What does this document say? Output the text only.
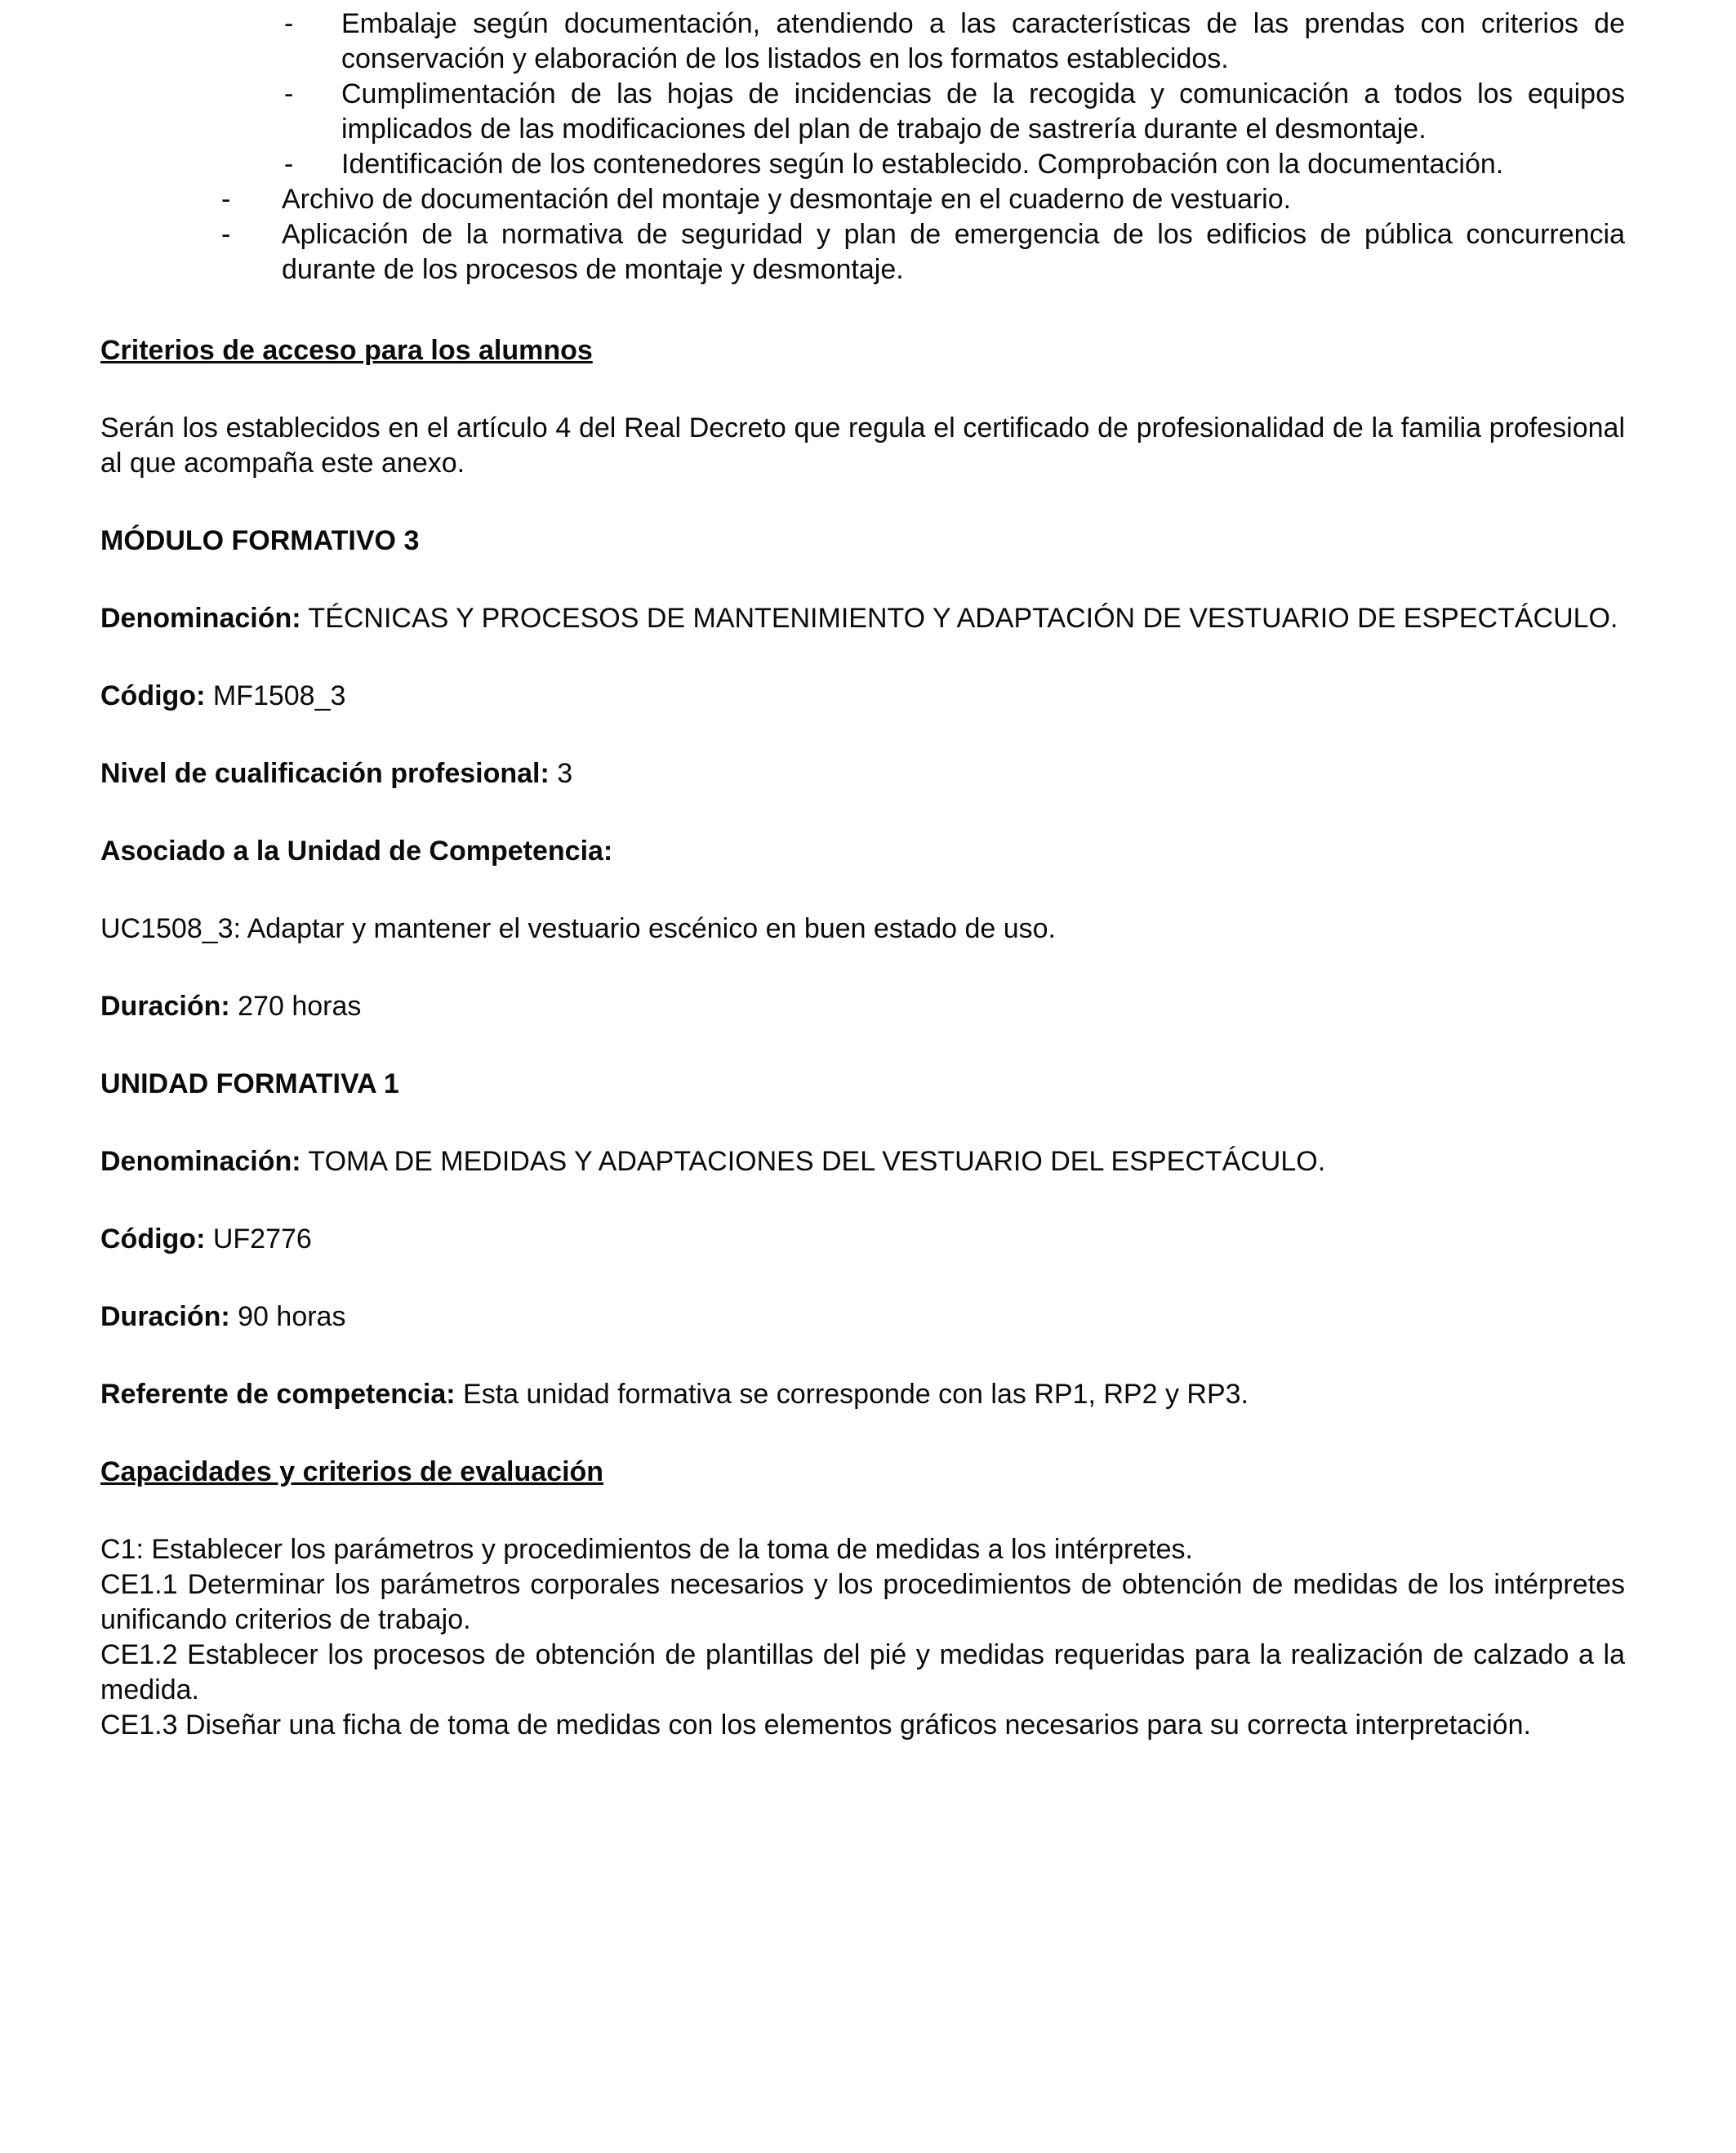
-	Embalaje según documentación, atendiendo a las características de las prendas con criterios de conservación y elaboración de los listados en los formatos establecidos.
-	Cumplimentación de las hojas de incidencias de la recogida y comunicación a todos los equipos implicados de las modificaciones del plan de trabajo de sastrería durante el desmontaje.
-	Identificación de los contenedores según lo establecido. Comprobación con la documentación.
-	Archivo de documentación del montaje y desmontaje en el cuaderno de vestuario.
-	Aplicación de la normativa de seguridad y plan de emergencia de los edificios de pública concurrencia durante de los procesos de montaje y desmontaje.
Criterios de acceso para los alumnos

Serán los establecidos en el artículo 4 del Real Decreto que regula el certificado de profesionalidad de la familia profesional al que acompaña este anexo.

MÓDULO FORMATIVO 3

Denominación: TÉCNICAS Y PROCESOS DE MANTENIMIENTO Y ADAPTACIÓN DE VESTUARIO DE ESPECTÁCULO.

Código: MF1508_3

Nivel de cualificación profesional: 3

Asociado a la Unidad de Competencia:

UC1508_3: Adaptar y mantener el vestuario escénico en buen estado de uso.

Duración: 270 horas

UNIDAD FORMATIVA 1

Denominación: TOMA DE MEDIDAS Y ADAPTACIONES DEL VESTUARIO DEL ESPECTÁCULO.

Código: UF2776

Duración: 90 horas

Referente de competencia: Esta unidad formativa se corresponde con las RP1, RP2 y RP3.

Capacidades y criterios de evaluación

C1: Establecer los parámetros y procedimientos de la toma de medidas a los intérpretes.

CE1.1 Determinar los parámetros corporales necesarios y los procedimientos de obtención de medidas de los intérpretes unificando criterios de trabajo.

CE1.2 Establecer los procesos de obtención de plantillas del pié y medidas requeridas para la realización de calzado a la medida.

CE1.3 Diseñar una ficha de toma de medidas con los elementos gráficos necesarios para su correcta interpretación.
